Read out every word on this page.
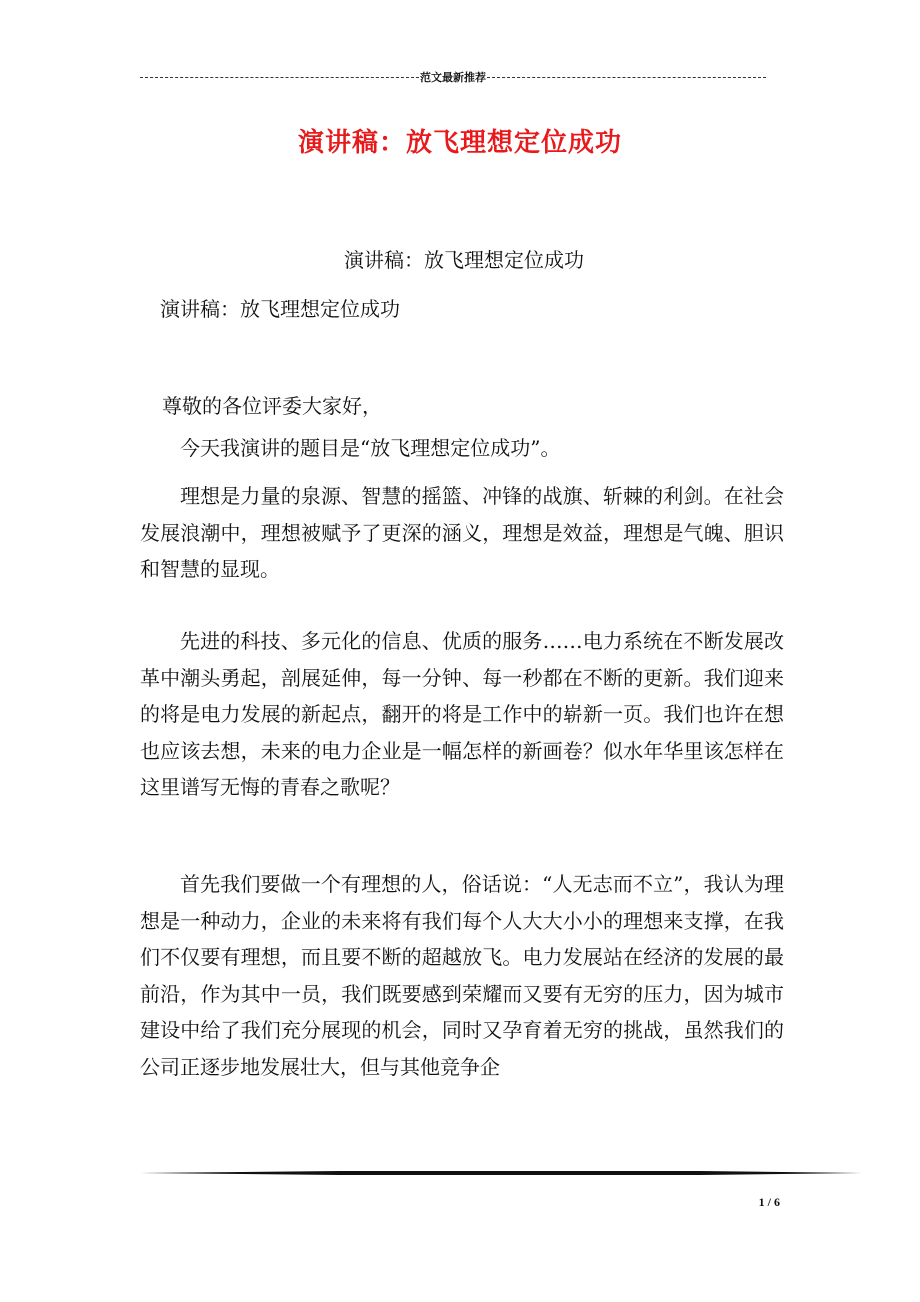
范文最新推荐
演讲稿：放飞理想定位成功
演讲稿：放飞理想定位成功
演讲稿：放飞理想定位成功
尊敬的各位评委大家好，
今天我演讲的题目是“放飞理想定位成功”。
理想是力量的泉源、智慧的摇篮、冲锋的战旗、斩棘的利剑。在社会发展浪潮中，理想被赋予了更深的涵义，理想是效益，理想是气魄、胆识和智慧的显现。
先进的科技、多元化的信息、优质的服务……电力系统在不断发展改革中潮头勇起，剖展延伸，每一分钟、每一秒都在不断的更新。我们迎来的将是电力发展的新起点，翻开的将是工作中的崭新一页。我们也许在想也应该去想，未来的电力企业是一幅怎样的新画卷？似水年华里该怎样在这里谱写无悔的青春之歌呢？
首先我们要做一个有理想的人，俗话说：“人无志而不立”，我认为理想是一种动力，企业的未来将有我们每个人大大小小的理想来支撑，在我们不仅要有理想，而且要不断的超越放飞。电力发展站在经济的发展的最前沿，作为其中一员，我们既要感到荣耀而又要有无穷的压力，因为城市建设中给了我们充分展现的机会，同时又孕育着无穷的挑战，虽然我们的公司正逐步地发展壮大，但与其他竞争企
1 / 6
